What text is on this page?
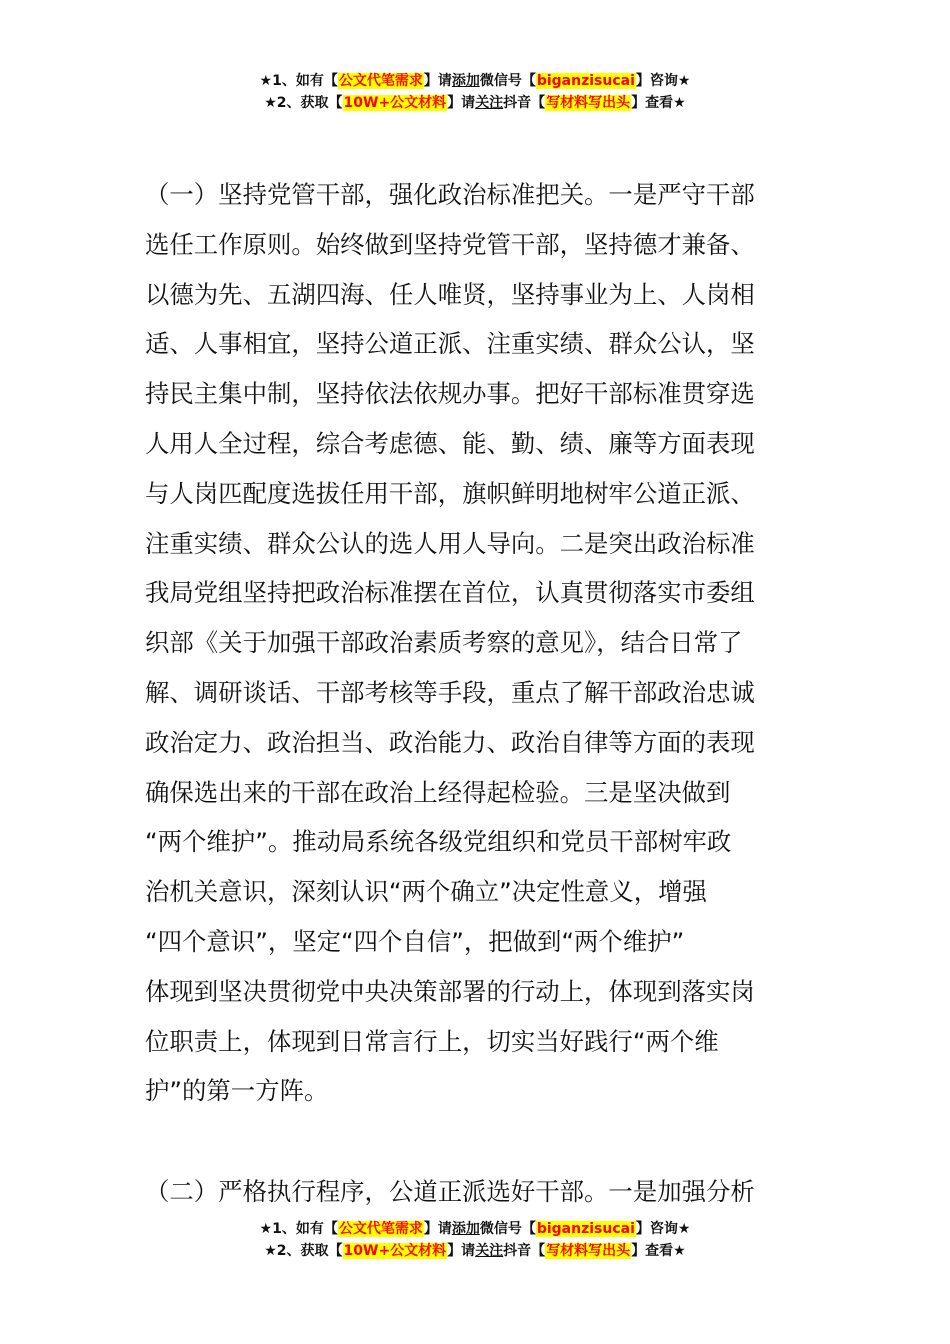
★1、如有【公文代笔需求】请添加微信号【biganzisucai】咨询★
★2、获取【10W+公文材料】请关注抖音【写材料写出头】查看★
（一）坚持党管干部，强化政治标准把关。一是严守干部
选任工作原则。始终做到坚持党管干部，坚持德才兼备、
以德为先、五湖四海、任人唯贤，坚持事业为上、人岗相
适、人事相宜，坚持公道正派、注重实绩、群众公认，坚
持民主集中制，坚持依法依规办事。把好干部标准贯穿选
人用人全过程，综合考虑德、能、勤、绩、廉等方面表现
与人岗匹配度选拔任用干部，旗帜鲜明地树牢公道正派、
注重实绩、群众公认的选人用人导向。二是突出政治标准
我局党组坚持把政治标准摆在首位，认真贯彻落实市委组
织部《关于加强干部政治素质考察的意见》，结合日常了
解、调研谈话、干部考核等手段，重点了解干部政治忠诚
政治定力、政治担当、政治能力、政治自律等方面的表现
确保选出来的干部在政治上经得起检验。三是坚决做到
“两个维护”。推动局系统各级党组织和党员干部树牢政
治机关意识，深刻认识“两个确立”决定性意义，增强
“四个意识”，坚定“四个自信”，把做到“两个维护”
体现到坚决贯彻党中央决策部署的行动上，体现到落实岗
位职责上，体现到日常言行上，切实当好践行“两个维
护”的第一方阵。
（二）严格执行程序，公道正派选好干部。一是加强分析
★1、如有【公文代笔需求】请添加微信号【biganzisucai】咨询★
★2、获取【10W+公文材料】请关注抖音【写材料写出头】查看★
